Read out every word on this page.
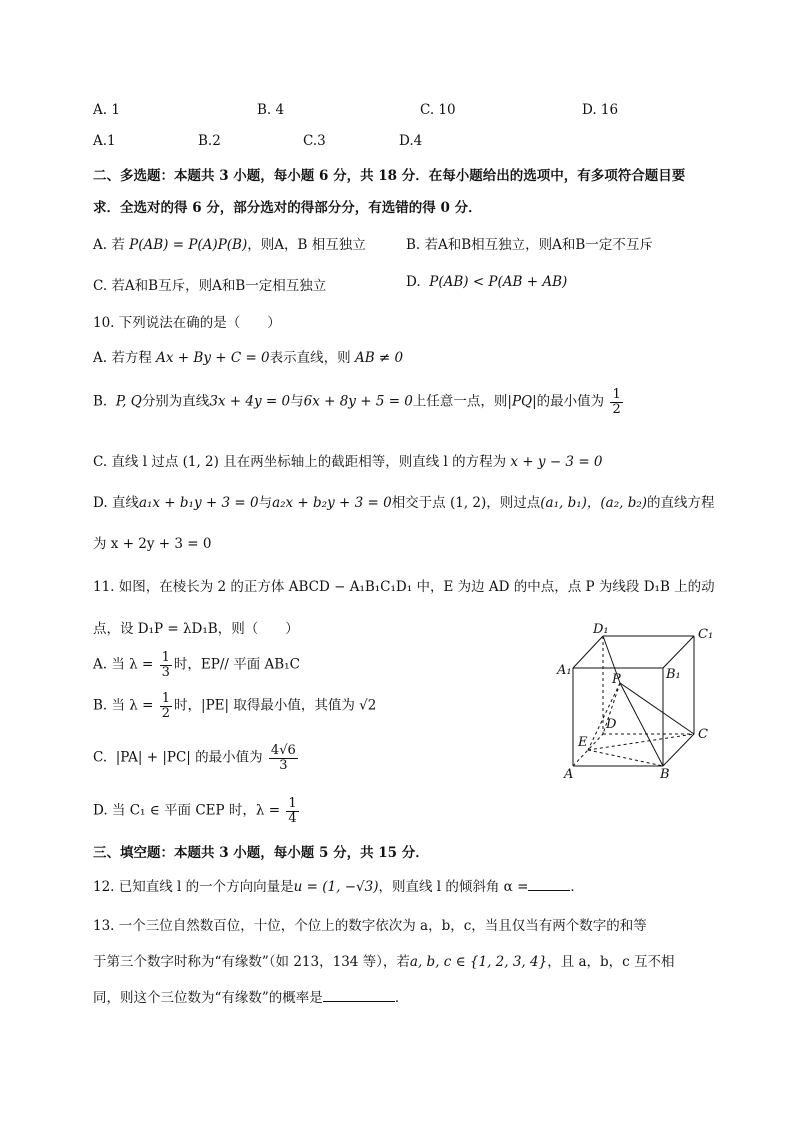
A. 1	B. 4	C. 10	D. 16
A.1	B.2	C.3	D.4
二、多选题：本题共 3 小题，每小题 6 分，共 18 分．在每小题给出的选项中，有多项符合题目要
求．全选对的得 6 分，部分选对的得部分分，有选错的得 0 分．
A. 若 P(AB) = P(A)P(B)，则A，B 相互独立	B. 若A和B相互独立，则A和B一定不互斥
C. 若A和B互斥，则A和B一定相互独立	D. P(AB) < P(AB + AB)
10. 下列说法在确的是（　　）
A. 若方程 Ax + By + C = 0表示直线，则 AB ≠ 0
B. P, Q分别为直线3x + 4y = 0与6x + 8y + 5 = 0上任意一点，则|PQ|的最小值为 $\frac{1}{2}$
C. 直线 l 过点 (1, 2) 且在两坐标轴上的截距相等，则直线 l 的方程为 x + y − 3 = 0
D. 直线a₁x + b₁y + 3 = 0与a₂x + b₂y + 3 = 0相交于点 (1, 2)，则过点(a₁, b₁)，(a₂, b₂)的直线方程
为 x + 2y + 3 = 0
11. 如图，在棱长为 2 的正方体 ABCD − A₁B₁C₁D₁ 中，E 为边 AD 的中点，点 P 为线段 D₁B 上的动
点，设 D₁P = λD₁B，则（　　）
A. 当 $\lambda = \frac{1}{3}$ 时，EP// 平面 AB₁C
B. 当 $\lambda = \frac{1}{2}$ 时，|PE| 取得最小值，其值为 √2
C. |PA| + |PC| 的最小值为 $\frac{4√6}{3}$
D. 当 C₁ ∈ 平面 CEP 时，$\lambda = \frac{1}{4}$
D₁	C₁
A₁	B₁
P
D
E
C
A	B
三、填空题：本题共 3 小题，每小题 5 分，共 15 分．
12. 已知直线 l 的一个方向向量是u = (1, −√3)，则直线 l 的倾斜角 α =	．
13. 一个三位自然数百位，十位，个位上的数字依次为 a，b，c，当且仅当有两个数字的和等
于第三个数字时称为“有缘数”（如 213，134 等），若a, b, c ∈ {1, 2, 3, 4}，且 a，b，c 互不相
同，则这个三位数为“有缘数”的概率是	．
